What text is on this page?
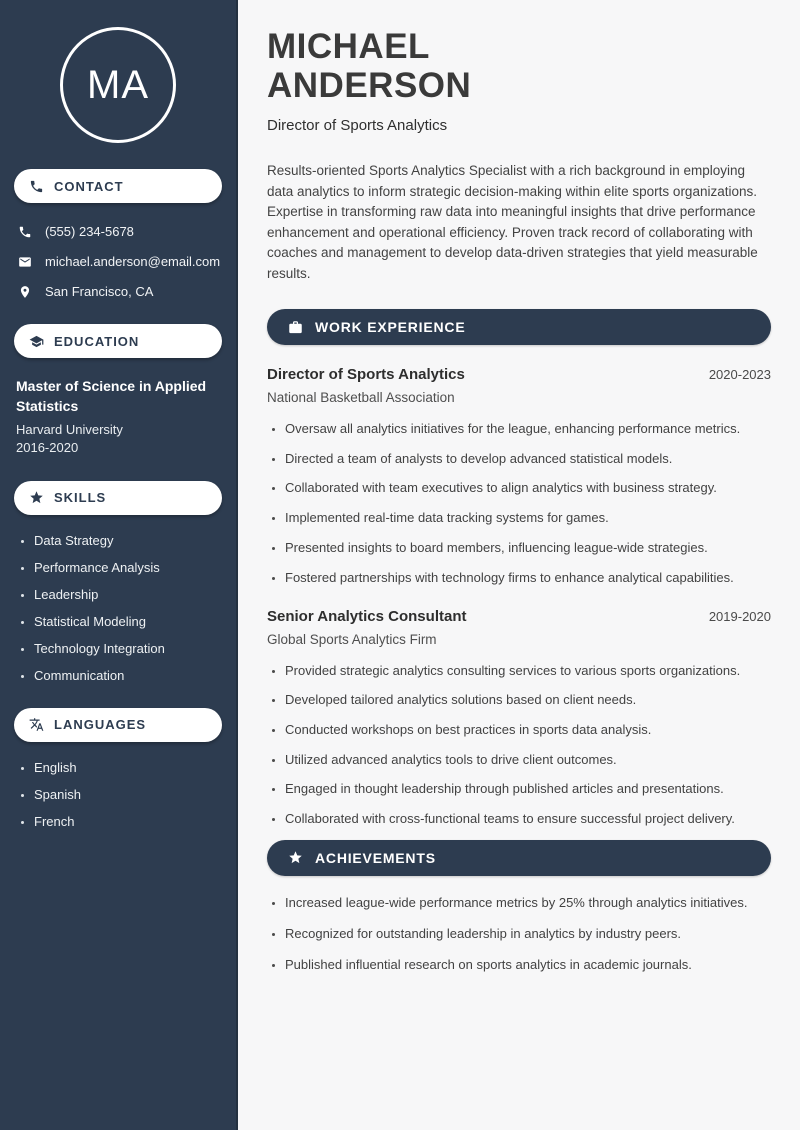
MA
CONTACT
(555) 234-5678
michael.anderson@email.com
San Francisco, CA
EDUCATION
Master of Science in Applied Statistics
Harvard University
2016-2020
SKILLS
• Data Strategy
• Performance Analysis
• Leadership
• Statistical Modeling
• Technology Integration
• Communication
LANGUAGES
• English
• Spanish
• French
MICHAEL
ANDERSON
Director of Sports Analytics

Results-oriented Sports Analytics Specialist with a rich background in employing data analytics to inform strategic decision-making within elite sports organizations. Expertise in transforming raw data into meaningful insights that drive performance enhancement and operational efficiency. Proven track record of collaborating with coaches and management to develop data-driven strategies that yield measurable results.

WORK EXPERIENCE
Director of Sports Analytics	2020-2023
National Basketball Association
• Oversaw all analytics initiatives for the league, enhancing performance metrics.
• Directed a team of analysts to develop advanced statistical models.
• Collaborated with team executives to align analytics with business strategy.
• Implemented real-time data tracking systems for games.
• Presented insights to board members, influencing league-wide strategies.
• Fostered partnerships with technology firms to enhance analytical capabilities.
Senior Analytics Consultant	2019-2020
Global Sports Analytics Firm
• Provided strategic analytics consulting services to various sports organizations.
• Developed tailored analytics solutions based on client needs.
• Conducted workshops on best practices in sports data analysis.
• Utilized advanced analytics tools to drive client outcomes.
• Engaged in thought leadership through published articles and presentations.
• Collaborated with cross-functional teams to ensure successful project delivery.
ACHIEVEMENTS
• Increased league-wide performance metrics by 25% through analytics initiatives.
• Recognized for outstanding leadership in analytics by industry peers.
• Published influential research on sports analytics in academic journals.
